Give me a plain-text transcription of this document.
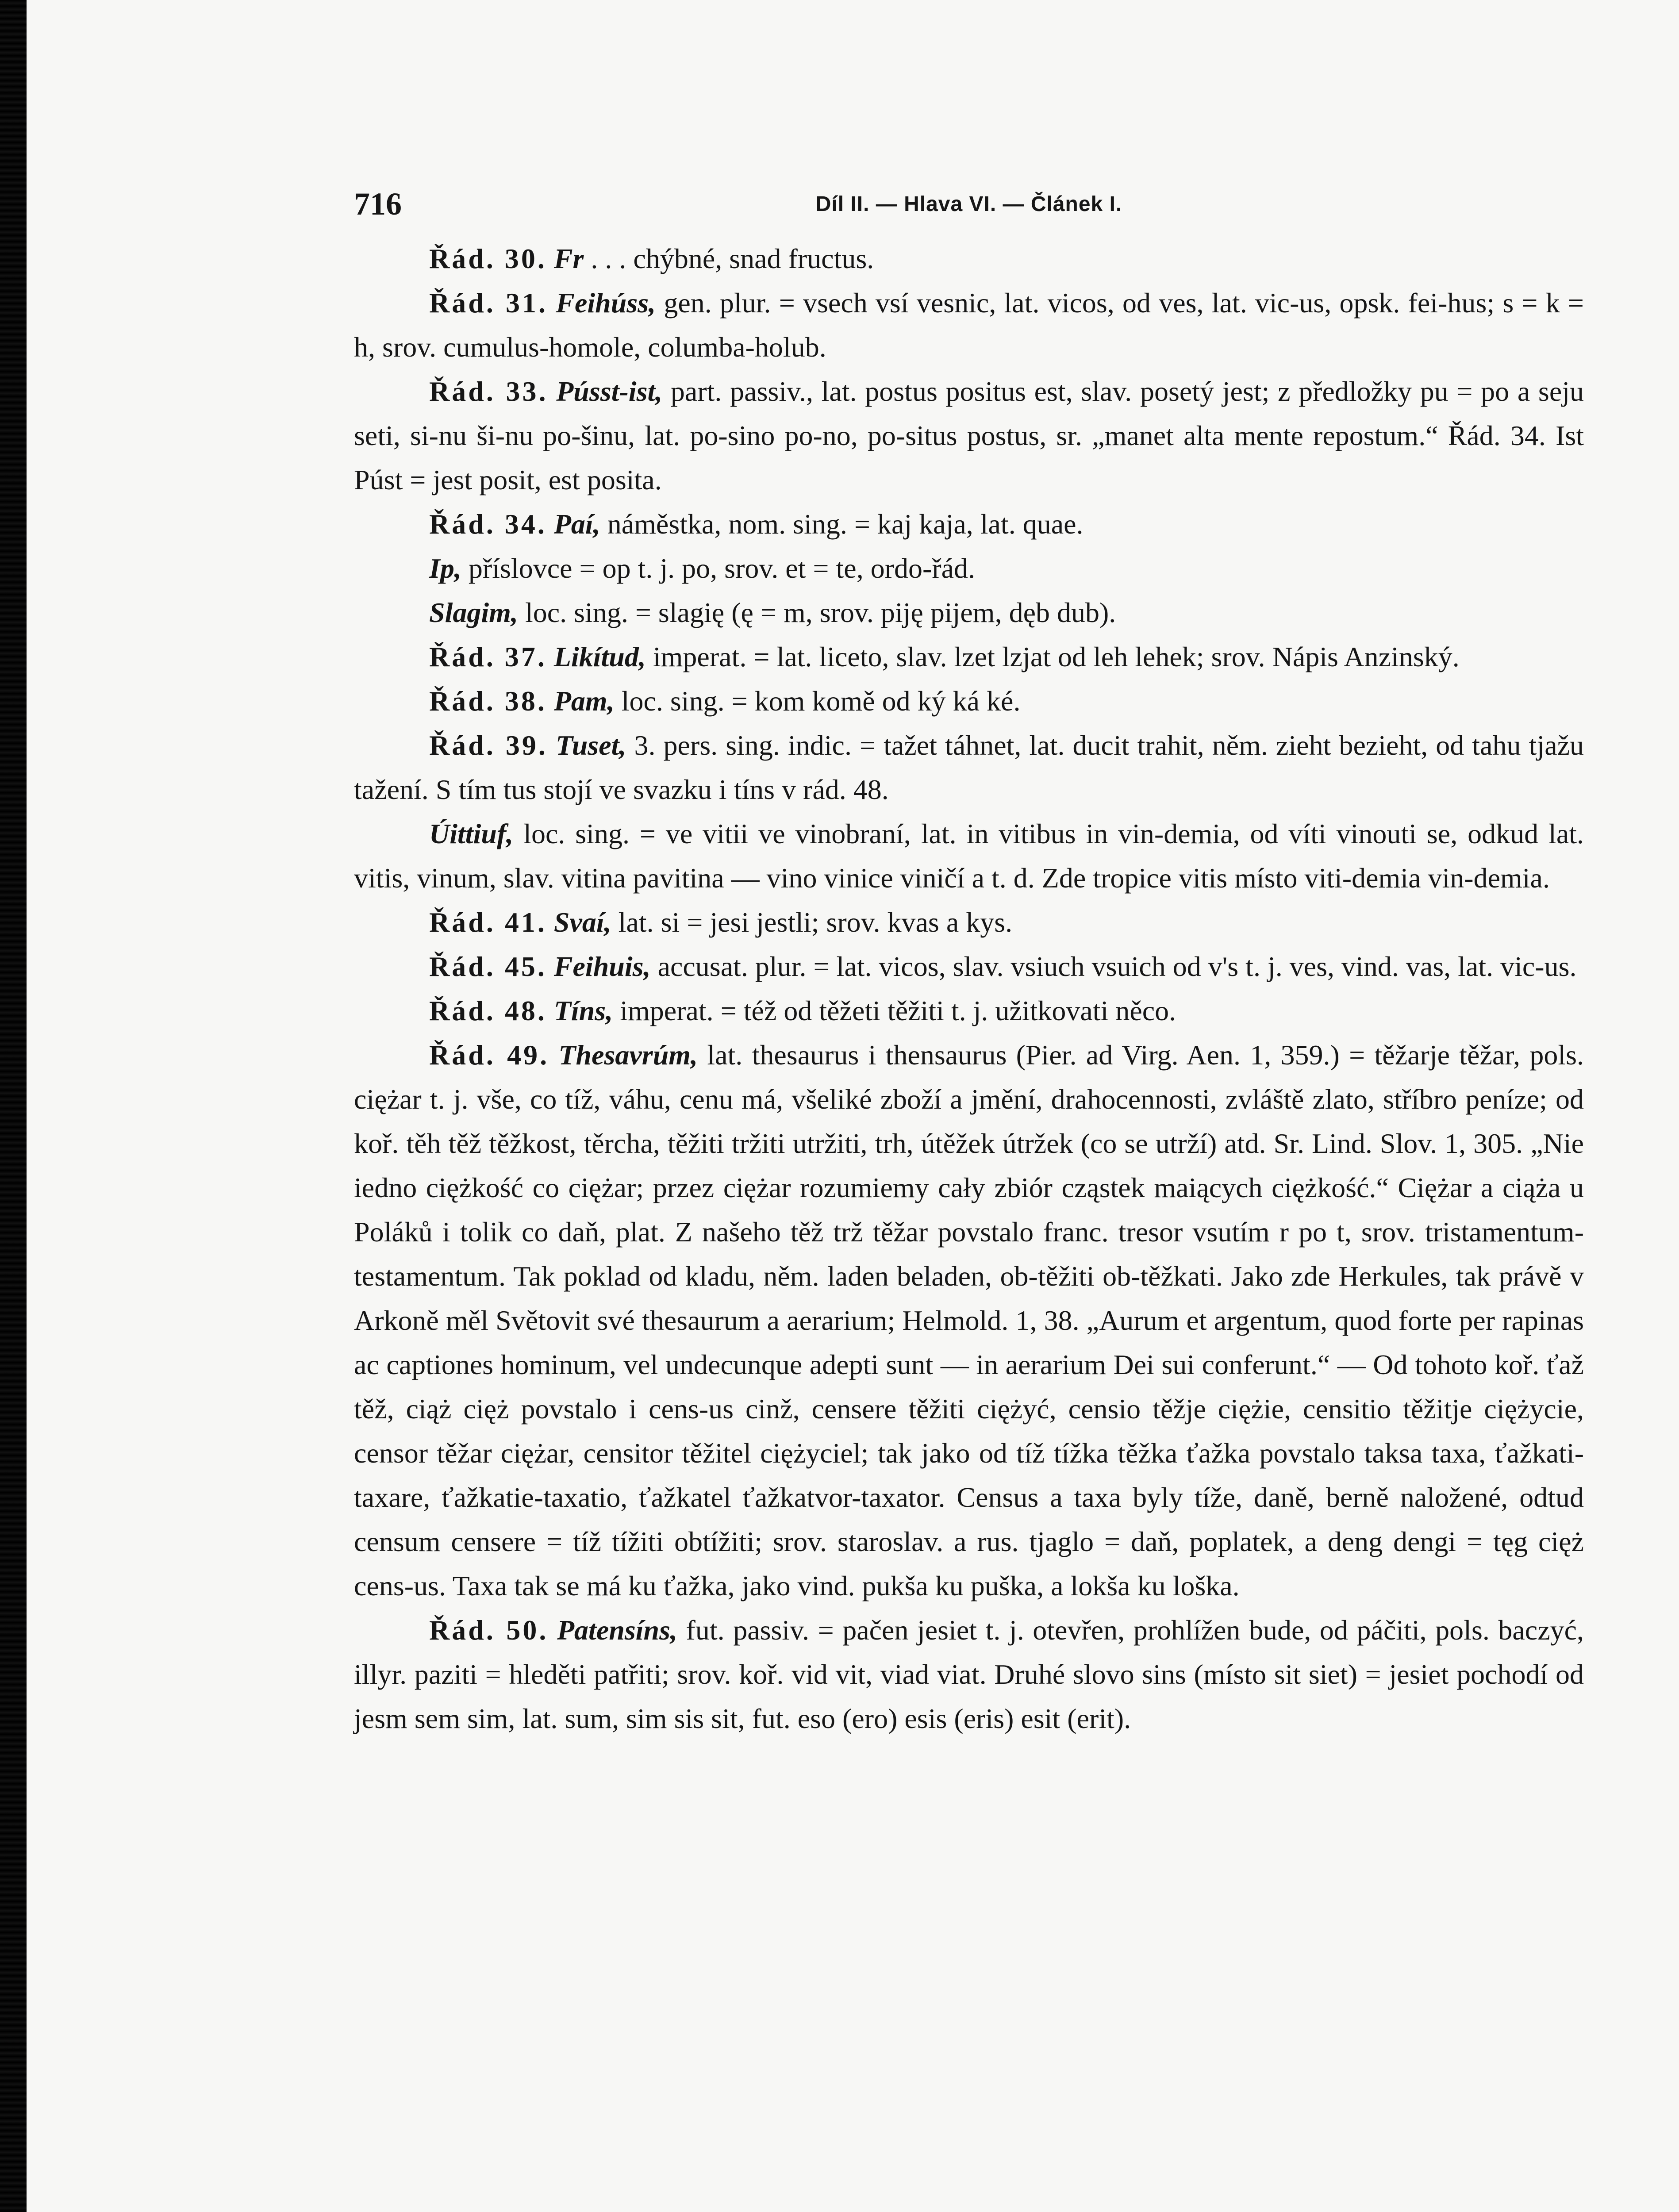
716	Díl II. — Hlava VI. — Článek I.

Řád. 30. Fr . . . chýbné, snad fructus.

Řád. 31. Feihúss, gen. plur. = vsech vsí vesnic, lat. vicos, od ves, lat. vic-us, opsk. fei-hus; s = k = h, srov. cumulus-homole, columba-holub.

Řád. 33. Pússt-ist, part. passiv., lat. postus positus est, slav. posetý jest; z předložky pu = po a seju seti, si-nu ši-nu po-šinu, lat. po-sino po-no, po-situs postus, sr. „manet alta mente repostum.“ Řád. 34. Ist Púst = jest posit, est posita.

Řád. 34. Paí, náměstka, nom. sing. = kaj kaja, lat. quae.

Ip, příslovce = op t. j. po, srov. et = te, ordo-řád.

Slagim, loc. sing. = slagię (ę = m, srov. piję pijem, dęb dub).

Řád. 37. Likítud, imperat. = lat. liceto, slav. lzet lzjat od leh lehek; srov. Nápis Anzinský.

Řád. 38. Pam, loc. sing. = kom komě od ký ká ké.

Řád. 39. Tuset, 3. pers. sing. indic. = tažet táhnet, lat. ducit trahit, něm. zieht bezieht, od tahu tjažu tažení. S tím tus stojí ve svazku i tíns v rád. 48.

Úittiuf, loc. sing. = ve vitii ve vinobraní, lat. in vitibus in vin-demia, od víti vinouti se, odkud lat. vitis, vinum, slav. vitina pavitina — vino vinice viničí a t. d. Zde tropice vitis místo viti-demia vin-demia.

Řád. 41. Svaí, lat. si = jesi jestli; srov. kvas a kys.

Řád. 45. Feihuis, accusat. plur. = lat. vicos, slav. vsiuch vsuich od v's t. j. ves, vind. vas, lat. vic-us.

Řád. 48. Tíns, imperat. = též od těžeti těžiti t. j. užitkovati něco.

Řád. 49. Thesavrúm, lat. thesaurus i thensaurus (Pier. ad Virg. Aen. 1, 359.) = těžarje těžar, pols. ciężar t. j. vše, co tíž, váhu, cenu má, všeliké zboží a jmění, drahocennosti, zvláště zlato, stříbro peníze; od koř. těh těž těžkost, těrcha, těžiti tržiti utržiti, trh, útěžek útržek (co se utrží) atd. Sr. Lind. Slov. 1, 305. „Nie iedno ciężkość co ciężar; przez ciężar rozumiemy cały zbiór cząstek maiących ciężkość.“ Ciężar a ciąża u Poláků i tolik co daň, plat. Z našeho těž trž těžar povstalo franc. tresor vsutím r po t, srov. tristamentum-testamentum. Tak poklad od kladu, něm. laden beladen, ob-těžiti ob-těžkati. Jako zde Herkules, tak právě v Arkoně měl Světovit své thesaurum a aerarium; Helmold. 1, 38. „Aurum et argentum, quod forte per rapinas ac captiones hominum, vel undecunque adepti sunt — in aerarium Dei sui conferunt.“ — Od tohoto koř. ťaž těž, ciąż cięż povstalo i cens-us cinž, censere těžiti ciężyć, censio těžje ciężie, censitio těžitje ciężycie, censor těžar ciężar, censitor těžitel ciężyciel; tak jako od tíž tížka těžka ťažka povstalo taksa taxa, ťažkati-taxare, ťažkatie-taxatio, ťažkatel ťažkatvor-taxator. Census a taxa byly tíže, daně, berně naložené, odtud censum censere = tíž tížiti obtížiti; srov. staroslav. a rus. tjaglo = daň, poplatek, a deng dengi = tęg cięż cens-us. Taxa tak se má ku ťažka, jako vind. pukša ku puška, a lokša ku loška.

Řád. 50. Patensíns, fut. passiv. = pačen jesiet t. j. otevřen, prohlížen bude, od páčiti, pols. baczyć, illyr. paziti = hleděti patřiti; srov. koř. vid vit, viad viat. Druhé slovo sins (místo sit siet) = jesiet pochodí od jesm sem sim, lat. sum, sim sis sit, fut. eso (ero) esis (eris) esit (erit).
